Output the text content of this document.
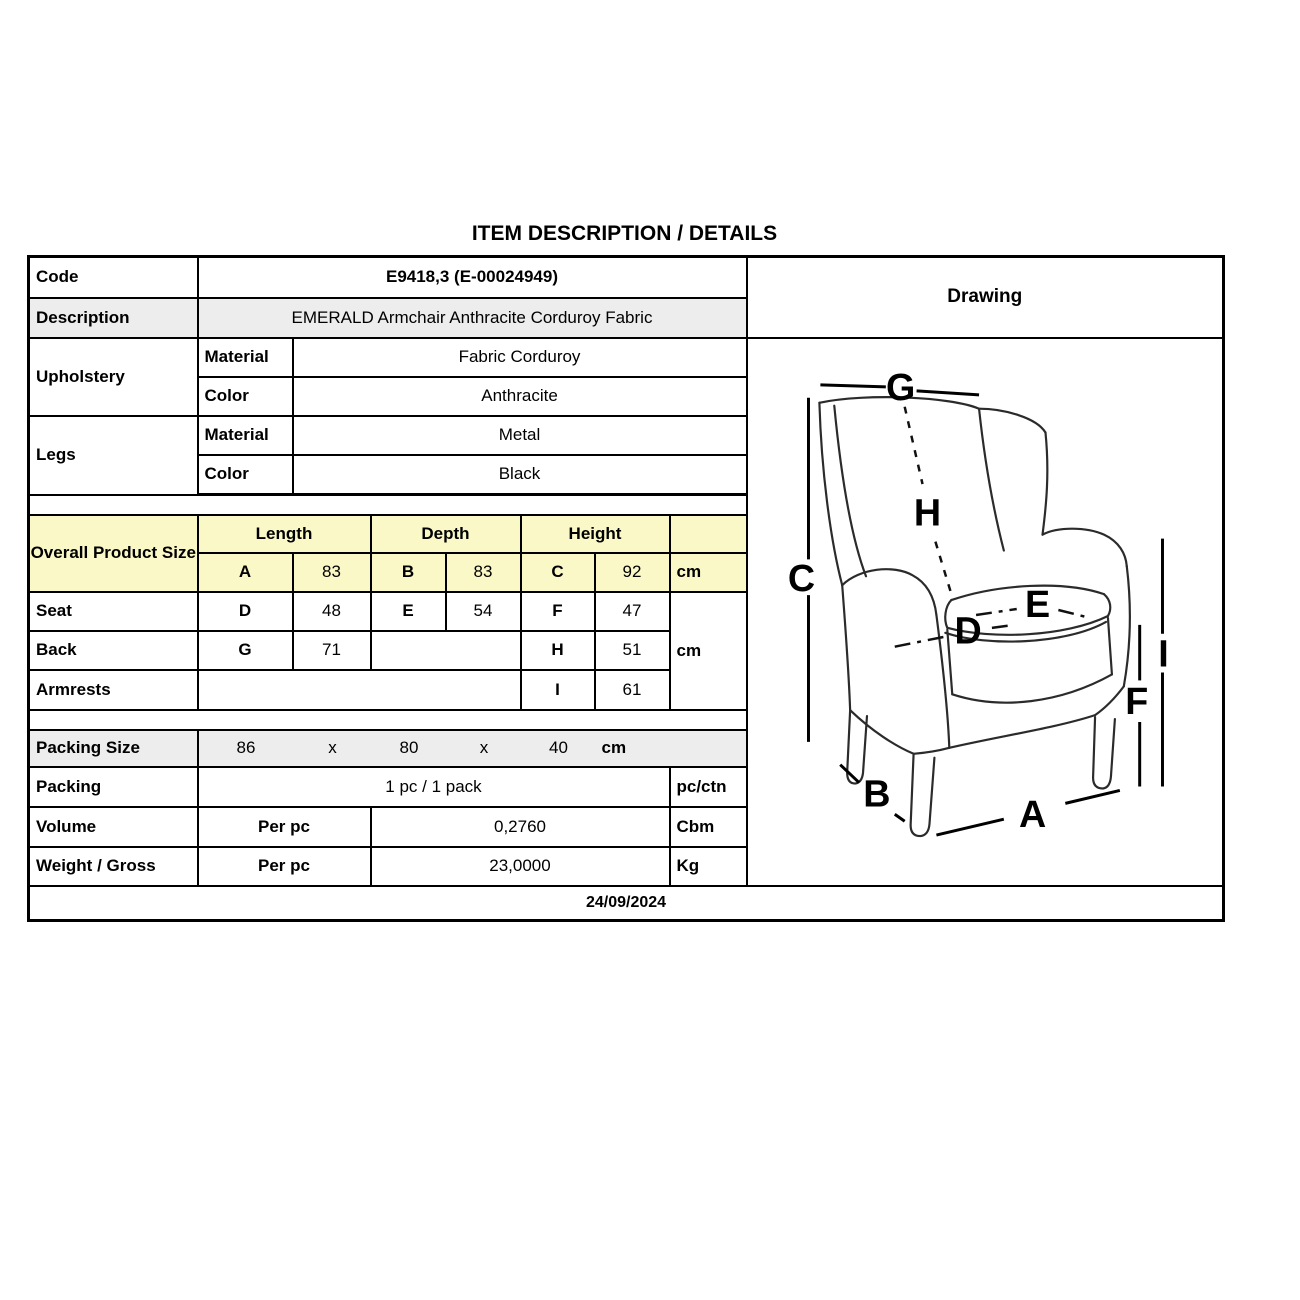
ITEM DESCRIPTION / DETAILS
Code	E9418,3 (E-00024949)							Drawing
Description	EMERALD Armchair Anthracite Corduroy Fabric							
Upholstery	Material	Fabric Corduroy	
G
C
H
D
E
I
F
B	A

	Color	Anthracite						
Legs	Material	Metal						
	Color	Black						

Overall Product Size	Length		Depth		Height			
	A	83	B	83	C	92	cm	
Seat	D	48	E	54	F	47	cm	
Back	G	71			H	51		
Armrests					I	61		

Packing Size	86	x	80	x	40	cm

Packing	1 pc / 1 pack						pc/ctn	
Volume	Per pc		0,2760				Cbm	
Weight / Gross	Per pc		23,0000				Kg	
24/09/2024								
